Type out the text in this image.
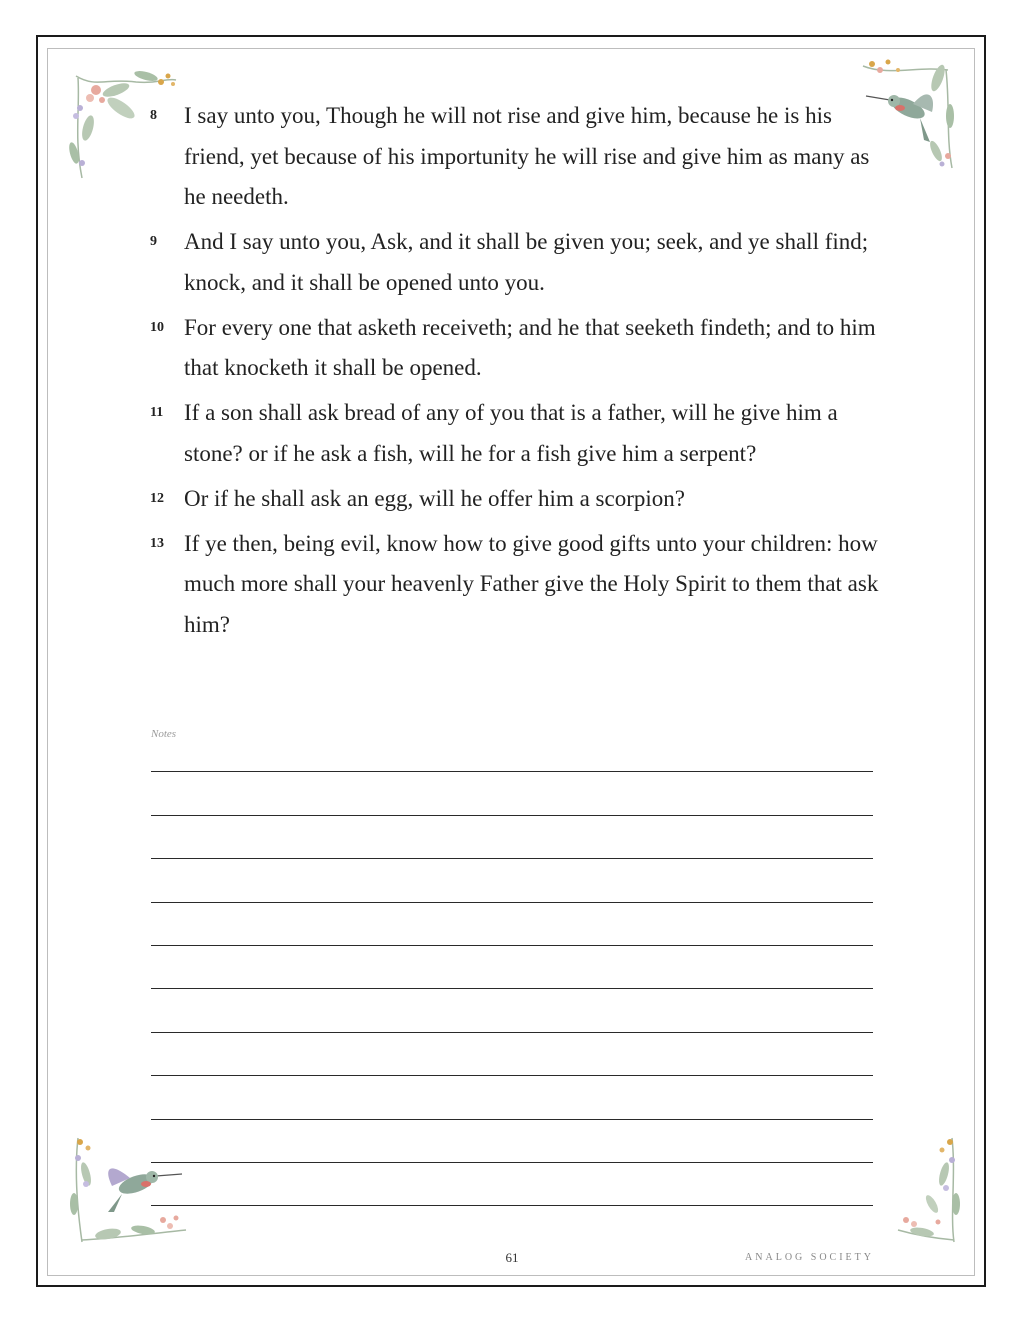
8 I say unto you, Though he will not rise and give him, because he is his friend, yet because of his importunity he will rise and give him as many as he needeth.
9 And I say unto you, Ask, and it shall be given you; seek, and ye shall find; knock, and it shall be opened unto you.
10 For every one that asketh receiveth; and he that seeketh findeth; and to him that knocketh it shall be opened.
11 If a son shall ask bread of any of you that is a father, will he give him a stone? or if he ask a fish, will he for a fish give him a serpent?
12 Or if he shall ask an egg, will he offer him a scorpion?
13 If ye then, being evil, know how to give good gifts unto your children: how much more shall your heavenly Father give the Holy Spirit to them that ask him?
Notes
61	ANALOG SOCIETY
